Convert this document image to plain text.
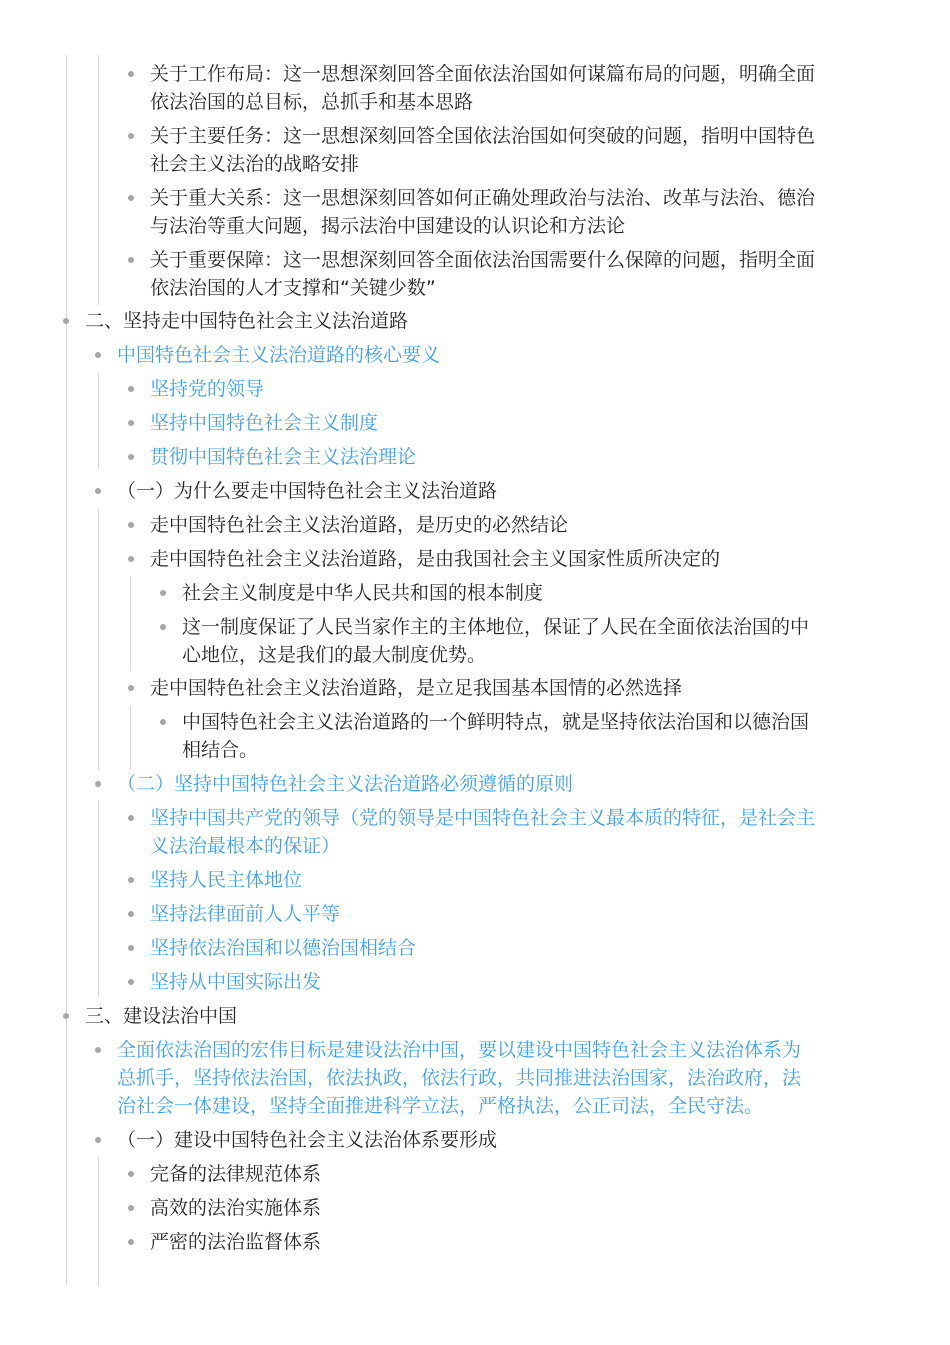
关于工作布局：这一思想深刻回答全面依法治国如何谋篇布局的问题，明确全面
依法治国的总目标，总抓手和基本思路
关于主要任务：这一思想深刻回答全国依法治国如何突破的问题，指明中国特色
社会主义法治的战略安排
关于重大关系：这一思想深刻回答如何正确处理政治与法治、改革与法治、德治
与法治等重大问题，揭示法治中国建设的认识论和方法论
关于重要保障：这一思想深刻回答全面依法治国需要什么保障的问题，指明全面
依法治国的人才支撑和“关键少数”
二、坚持走中国特色社会主义法治道路
中国特色社会主义法治道路的核心要义
坚持党的领导
坚持中国特色社会主义制度
贯彻中国特色社会主义法治理论
（一）为什么要走中国特色社会主义法治道路
走中国特色社会主义法治道路，是历史的必然结论
走中国特色社会主义法治道路，是由我国社会主义国家性质所决定的
社会主义制度是中华人民共和国的根本制度
这一制度保证了人民当家作主的主体地位，保证了人民在全面依法治国的中
心地位，这是我们的最大制度优势。
走中国特色社会主义法治道路，是立足我国基本国情的必然选择
中国特色社会主义法治道路的一个鲜明特点，就是坚持依法治国和以德治国
相结合。
（二）坚持中国特色社会主义法治道路必须遵循的原则
坚持中国共产党的领导（党的领导是中国特色社会主义最本质的特征，是社会主
义法治最根本的保证）
坚持人民主体地位
坚持法律面前人人平等
坚持依法治国和以德治国相结合
坚持从中国实际出发
三、建设法治中国
全面依法治国的宏伟目标是建设法治中国，要以建设中国特色社会主义法治体系为
总抓手，坚持依法治国，依法执政，依法行政，共同推进法治国家，法治政府，法
治社会一体建设，坚持全面推进科学立法，严格执法，公正司法，全民守法。
（一）建设中国特色社会主义法治体系要形成
完备的法律规范体系
高效的法治实施体系
严密的法治监督体系
